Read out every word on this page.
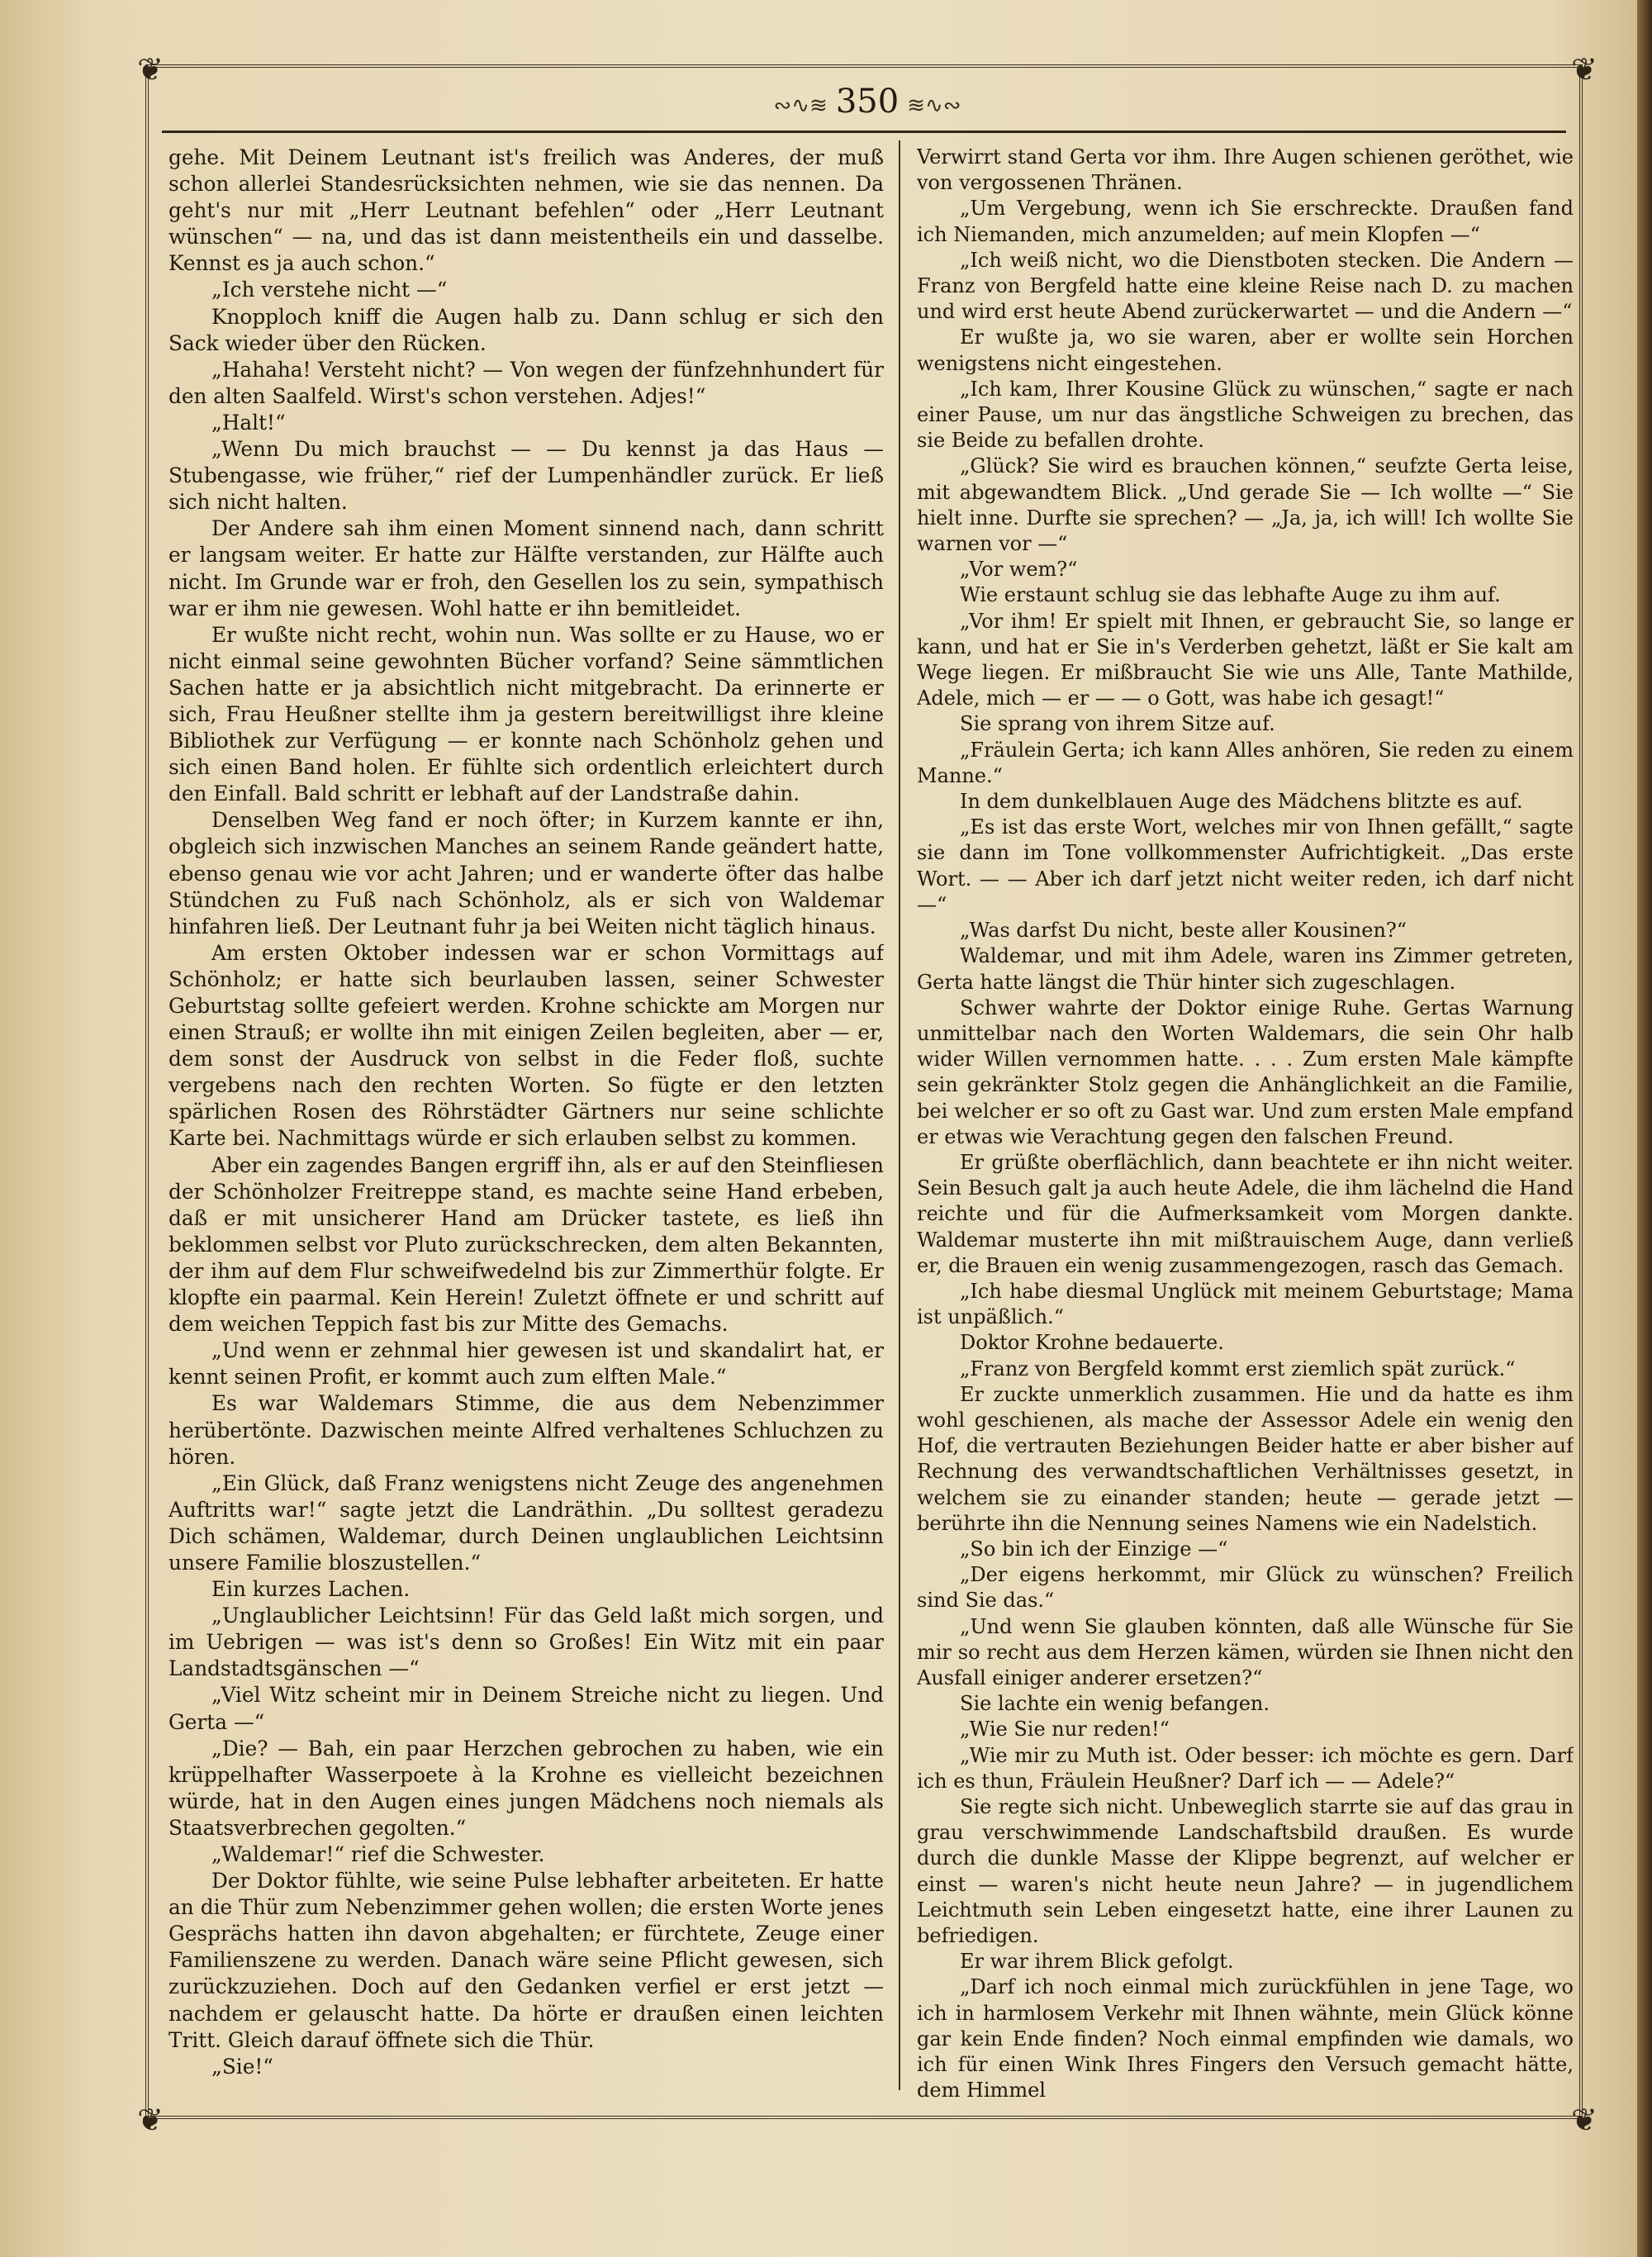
❦	❦
❦	❦
∾∿≋ 350 ≋∿∾

gehe. Mit Deinem Leutnant ist's freilich was Anderes, der muß schon allerlei Standesrücksichten nehmen, wie sie das nennen. Da geht's nur mit „Herr Leutnant befehlen“ oder „Herr Leutnant wünschen“ — na, und das ist dann meistentheils ein und dasselbe. Kennst es ja auch schon.“

„Ich verstehe nicht —“

Knopploch kniff die Augen halb zu. Dann schlug er sich den Sack wieder über den Rücken.

„Hahaha! Versteht nicht? — Von wegen der fünfzehnhundert für den alten Saalfeld. Wirst's schon verstehen. Adjes!“

„Halt!“

„Wenn Du mich brauchst — — Du kennst ja das Haus — Stubengasse, wie früher,“ rief der Lumpenhändler zurück. Er ließ sich nicht halten.

Der Andere sah ihm einen Moment sinnend nach, dann schritt er langsam weiter. Er hatte zur Hälfte verstanden, zur Hälfte auch nicht. Im Grunde war er froh, den Gesellen los zu sein, sympathisch war er ihm nie gewesen. Wohl hatte er ihn bemitleidet.

Er wußte nicht recht, wohin nun. Was sollte er zu Hause, wo er nicht einmal seine gewohnten Bücher vorfand? Seine sämmtlichen Sachen hatte er ja absichtlich nicht mitgebracht. Da erinnerte er sich, Frau Heußner stellte ihm ja gestern bereitwilligst ihre kleine Bibliothek zur Verfügung — er konnte nach Schönholz gehen und sich einen Band holen. Er fühlte sich ordentlich erleichtert durch den Einfall. Bald schritt er lebhaft auf der Landstraße dahin.

Denselben Weg fand er noch öfter; in Kurzem kannte er ihn, obgleich sich inzwischen Manches an seinem Rande geändert hatte, ebenso genau wie vor acht Jahren; und er wanderte öfter das halbe Stündchen zu Fuß nach Schönholz, als er sich von Waldemar hinfahren ließ. Der Leutnant fuhr ja bei Weiten nicht täglich hinaus.

Am ersten Oktober indessen war er schon Vormittags auf Schönholz; er hatte sich beurlauben lassen, seiner Schwester Geburtstag sollte gefeiert werden. Krohne schickte am Morgen nur einen Strauß; er wollte ihn mit einigen Zeilen begleiten, aber — er, dem sonst der Ausdruck von selbst in die Feder floß, suchte vergebens nach den rechten Worten. So fügte er den letzten spärlichen Rosen des Röhrstädter Gärtners nur seine schlichte Karte bei. Nachmittags würde er sich erlauben selbst zu kommen.

Aber ein zagendes Bangen ergriff ihn, als er auf den Steinfliesen der Schönholzer Freitreppe stand, es machte seine Hand erbeben, daß er mit unsicherer Hand am Drücker tastete, es ließ ihn beklommen selbst vor Pluto zurückschrecken, dem alten Bekannten, der ihm auf dem Flur schweifwedelnd bis zur Zimmerthür folgte. Er klopfte ein paarmal. Kein Herein! Zuletzt öffnete er und schritt auf dem weichen Teppich fast bis zur Mitte des Gemachs.

„Und wenn er zehnmal hier gewesen ist und skandalirt hat, er kennt seinen Profit, er kommt auch zum elften Male.“

Es war Waldemars Stimme, die aus dem Nebenzimmer herübertönte. Dazwischen meinte Alfred verhaltenes Schluchzen zu hören.

„Ein Glück, daß Franz wenigstens nicht Zeuge des angenehmen Auftritts war!“ sagte jetzt die Landräthin. „Du solltest geradezu Dich schämen, Waldemar, durch Deinen unglaublichen Leichtsinn unsere Familie bloszustellen.“

Ein kurzes Lachen.

„Unglaublicher Leichtsinn! Für das Geld laßt mich sorgen, und im Uebrigen — was ist's denn so Großes! Ein Witz mit ein paar Landstadtsgänschen —“

„Viel Witz scheint mir in Deinem Streiche nicht zu liegen. Und Gerta —“

„Die? — Bah, ein paar Herzchen gebrochen zu haben, wie ein krüppelhafter Wasserpoete à la Krohne es vielleicht bezeichnen würde, hat in den Augen eines jungen Mädchens noch niemals als Staatsverbrechen gegolten.“

„Waldemar!“ rief die Schwester.

Der Doktor fühlte, wie seine Pulse lebhafter arbeiteten. Er hatte an die Thür zum Nebenzimmer gehen wollen; die ersten Worte jenes Gesprächs hatten ihn davon abgehalten; er fürchtete, Zeuge einer Familienszene zu werden. Danach wäre seine Pflicht gewesen, sich zurückzuziehen. Doch auf den Gedanken verfiel er erst jetzt — nachdem er gelauscht hatte. Da hörte er draußen einen leichten Tritt. Gleich darauf öffnete sich die Thür.

„Sie!“

Verwirrt stand Gerta vor ihm. Ihre Augen schienen geröthet, wie von vergossenen Thränen.

„Um Vergebung, wenn ich Sie erschreckte. Draußen fand ich Niemanden, mich anzumelden; auf mein Klopfen —“

„Ich weiß nicht, wo die Dienstboten stecken. Die Andern — Franz von Bergfeld hatte eine kleine Reise nach D. zu machen und wird erst heute Abend zurückerwartet — und die Andern —“

Er wußte ja, wo sie waren, aber er wollte sein Horchen wenigstens nicht eingestehen.

„Ich kam, Ihrer Kousine Glück zu wünschen,“ sagte er nach einer Pause, um nur das ängstliche Schweigen zu brechen, das sie Beide zu befallen drohte.

„Glück? Sie wird es brauchen können,“ seufzte Gerta leise, mit abgewandtem Blick. „Und gerade Sie — Ich wollte —“ Sie hielt inne. Durfte sie sprechen? — „Ja, ja, ich will! Ich wollte Sie warnen vor —“

„Vor wem?“

Wie erstaunt schlug sie das lebhafte Auge zu ihm auf.

„Vor ihm! Er spielt mit Ihnen, er gebraucht Sie, so lange er kann, und hat er Sie in's Verderben gehetzt, läßt er Sie kalt am Wege liegen. Er mißbraucht Sie wie uns Alle, Tante Mathilde, Adele, mich — er — — o Gott, was habe ich gesagt!“

Sie sprang von ihrem Sitze auf.

„Fräulein Gerta; ich kann Alles anhören, Sie reden zu einem Manne.“

In dem dunkelblauen Auge des Mädchens blitzte es auf.

„Es ist das erste Wort, welches mir von Ihnen gefällt,“ sagte sie dann im Tone vollkommenster Aufrichtigkeit. „Das erste Wort. — — Aber ich darf jetzt nicht weiter reden, ich darf nicht —“

„Was darfst Du nicht, beste aller Kousinen?“

Waldemar, und mit ihm Adele, waren ins Zimmer getreten, Gerta hatte längst die Thür hinter sich zugeschlagen.

Schwer wahrte der Doktor einige Ruhe. Gertas Warnung unmittelbar nach den Worten Waldemars, die sein Ohr halb wider Willen vernommen hatte. . . . Zum ersten Male kämpfte sein gekränkter Stolz gegen die Anhänglichkeit an die Familie, bei welcher er so oft zu Gast war. Und zum ersten Male empfand er etwas wie Verachtung gegen den falschen Freund.

Er grüßte oberflächlich, dann beachtete er ihn nicht weiter. Sein Besuch galt ja auch heute Adele, die ihm lächelnd die Hand reichte und für die Aufmerksamkeit vom Morgen dankte. Waldemar musterte ihn mit mißtrauischem Auge, dann verließ er, die Brauen ein wenig zusammengezogen, rasch das Gemach.

„Ich habe diesmal Unglück mit meinem Geburtstage; Mama ist unpäßlich.“

Doktor Krohne bedauerte.

„Franz von Bergfeld kommt erst ziemlich spät zurück.“

Er zuckte unmerklich zusammen. Hie und da hatte es ihm wohl geschienen, als mache der Assessor Adele ein wenig den Hof, die vertrauten Beziehungen Beider hatte er aber bisher auf Rechnung des verwandtschaftlichen Verhältnisses gesetzt, in welchem sie zu einander standen; heute — gerade jetzt — berührte ihn die Nennung seines Namens wie ein Nadelstich.

„So bin ich der Einzige —“

„Der eigens herkommt, mir Glück zu wünschen? Freilich sind Sie das.“

„Und wenn Sie glauben könnten, daß alle Wünsche für Sie mir so recht aus dem Herzen kämen, würden sie Ihnen nicht den Ausfall einiger anderer ersetzen?“

Sie lachte ein wenig befangen.

„Wie Sie nur reden!“

„Wie mir zu Muth ist. Oder besser: ich möchte es gern. Darf ich es thun, Fräulein Heußner? Darf ich — — Adele?“

Sie regte sich nicht. Unbeweglich starrte sie auf das grau in grau verschwimmende Landschaftsbild draußen. Es wurde durch die dunkle Masse der Klippe begrenzt, auf welcher er einst — waren's nicht heute neun Jahre? — in jugendlichem Leichtmuth sein Leben eingesetzt hatte, eine ihrer Launen zu befriedigen.

Er war ihrem Blick gefolgt.

„Darf ich noch einmal mich zurückfühlen in jene Tage, wo ich in harmlosem Verkehr mit Ihnen wähnte, mein Glück könne gar kein Ende finden? Noch einmal empfinden wie damals, wo ich für einen Wink Ihres Fingers den Versuch gemacht hätte, dem Himmel
